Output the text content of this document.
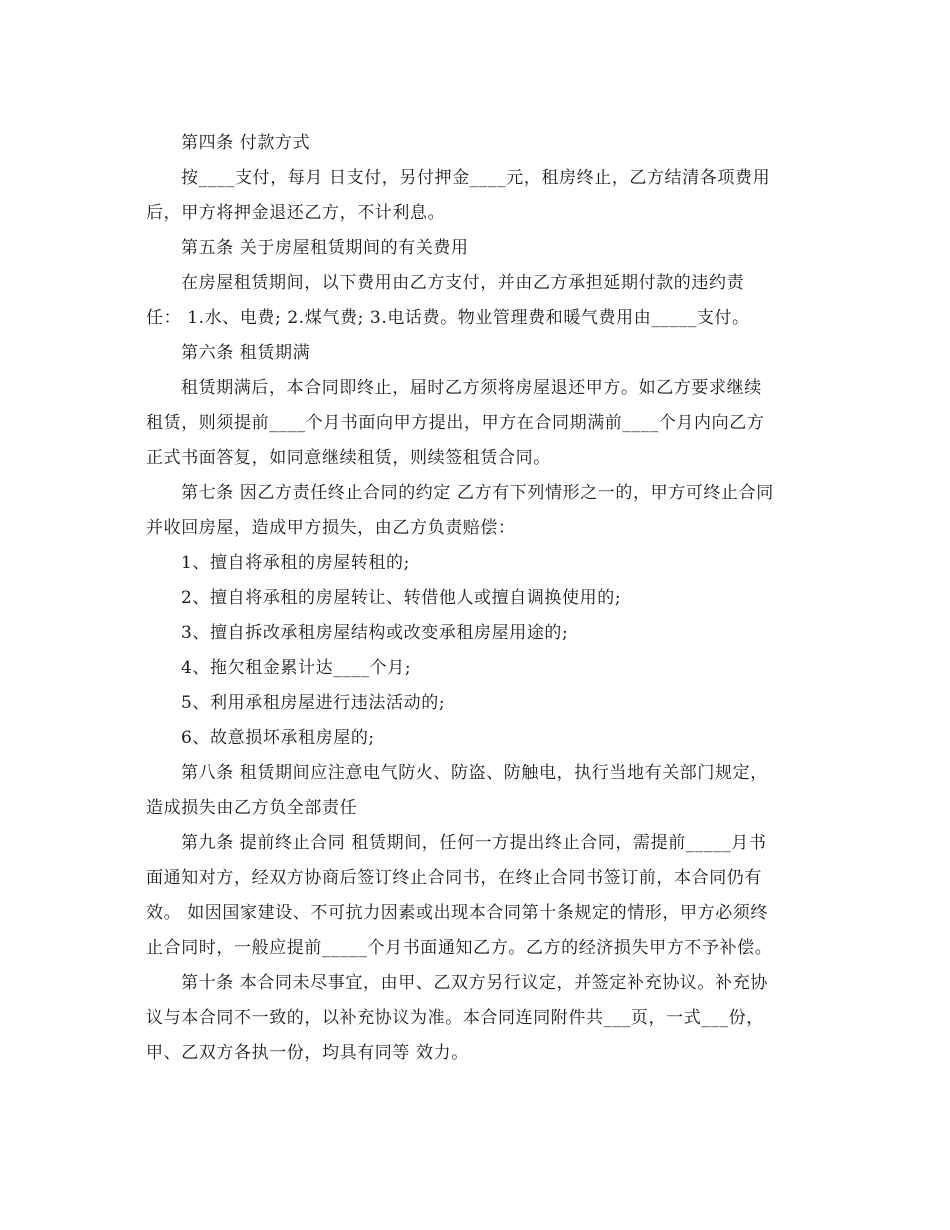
第四条 付款方式
按____支付，每月 日支付，另付押金____元，租房终止，乙方结清各项费用
后，甲方将押金退还乙方，不计利息。
第五条 关于房屋租赁期间的有关费用
在房屋租赁期间，以下费用由乙方支付，并由乙方承担延期付款的违约责
任： 1.水、电费; 2.煤气费; 3.电话费。物业管理费和暖气费用由_____支付。
第六条 租赁期满
租赁期满后，本合同即终止，届时乙方须将房屋退还甲方。如乙方要求继续
租赁，则须提前____个月书面向甲方提出，甲方在合同期满前____个月内向乙方
正式书面答复，如同意继续租赁，则续签租赁合同。
第七条 因乙方责任终止合同的约定 乙方有下列情形之一的，甲方可终止合同
并收回房屋，造成甲方损失，由乙方负责赔偿：
1、擅自将承租的房屋转租的;
2、擅自将承租的房屋转让、转借他人或擅自调换使用的;
3、擅自拆改承租房屋结构或改变承租房屋用途的;
4、拖欠租金累计达____个月;
5、利用承租房屋进行违法活动的;
6、故意损坏承租房屋的;
第八条 租赁期间应注意电气防火、防盗、防触电，执行当地有关部门规定，
造成损失由乙方负全部责任
第九条 提前终止合同 租赁期间，任何一方提出终止合同，需提前_____月书
面通知对方，经双方协商后签订终止合同书，在终止合同书签订前，本合同仍有
效。 如因国家建设、不可抗力因素或出现本合同第十条规定的情形，甲方必须终
止合同时，一般应提前_____个月书面通知乙方。乙方的经济损失甲方不予补偿。
第十条 本合同未尽事宜，由甲、乙双方另行议定，并签定补充协议。补充协
议与本合同不一致的，以补充协议为准。本合同连同附件共___页，一式___份，
甲、乙双方各执一份，均具有同等 效力。
